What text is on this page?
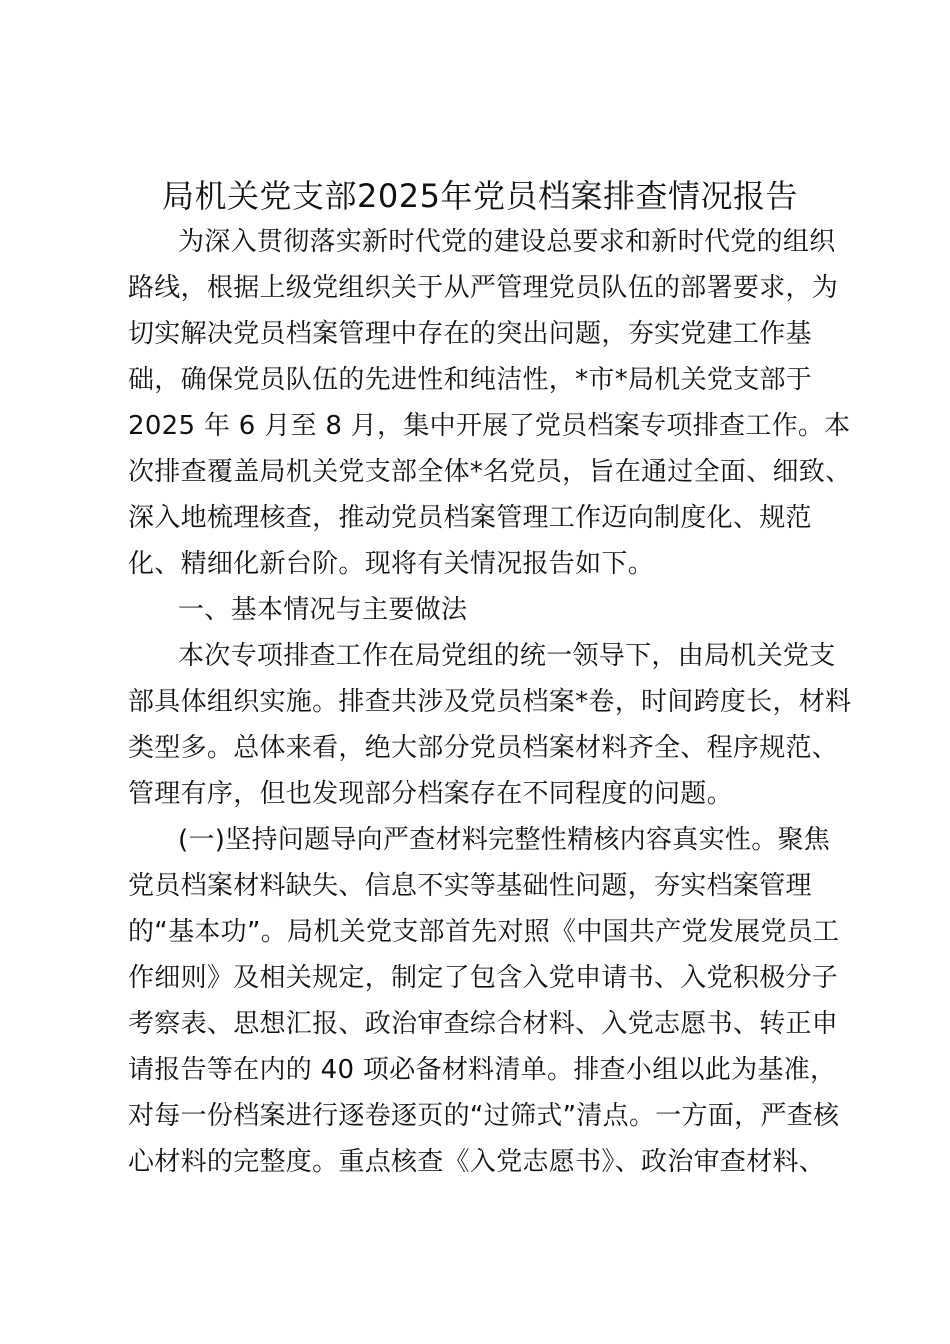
局机关党支部2025年党员档案排查情况报告
为深入贯彻落实新时代党的建设总要求和新时代党的组织
路线，根据上级党组织关于从严管理党员队伍的部署要求，为
切实解决党员档案管理中存在的突出问题，夯实党建工作基
础，确保党员队伍的先进性和纯洁性，*市*局机关党支部于
2025 年 6 月至 8 月，集中开展了党员档案专项排查工作。本
次排查覆盖局机关党支部全体*名党员，旨在通过全面、细致、
深入地梳理核查，推动党员档案管理工作迈向制度化、规范
化、精细化新台阶。现将有关情况报告如下。
一、基本情况与主要做法
本次专项排查工作在局党组的统一领导下，由局机关党支
部具体组织实施。排查共涉及党员档案*卷，时间跨度长，材料
类型多。总体来看，绝大部分党员档案材料齐全、程序规范、
管理有序，但也发现部分档案存在不同程度的问题。
(一)坚持问题导向严查材料完整性精核内容真实性。聚焦
党员档案材料缺失、信息不实等基础性问题，夯实档案管理
的“基本功”。局机关党支部首先对照《中国共产党发展党员工
作细则》及相关规定，制定了包含入党申请书、入党积极分子
考察表、思想汇报、政治审查综合材料、入党志愿书、转正申
请报告等在内的 40 项必备材料清单。排查小组以此为基准，
对每一份档案进行逐卷逐页的“过筛式”清点。一方面，严查核
心材料的完整度。重点核查《入党志愿书》、政治审查材料、
